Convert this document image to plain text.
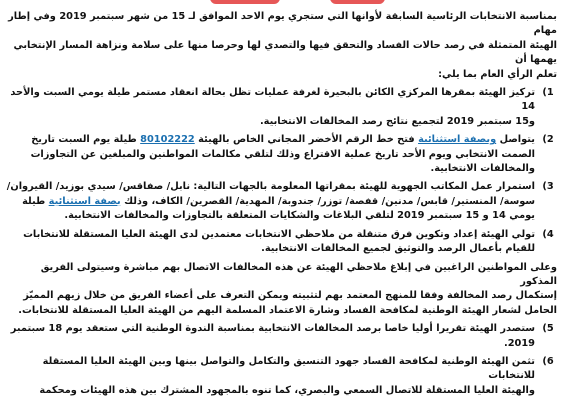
بمناسبة الانتخابات الرئاسية السابقة لأوانها التي ستجري يوم الاحد الموافق لـ 15 من شهر سبتمبر 2019 وفي إطار مهام

الهيئة المتمثلة في رصد حالات الفساد والتحقق فيها والتصدي لها وحرصا منها على سلامة ونزاهة المسار الإنتخابي يهمها أن

تعلم الرأي العام بما يلي:

1)

تركيز الهيئة بمقرها المركزي الكائن بالبحيرة لغرفة عمليات تظل بحالة انعقاد مستمر طيلة يومي السبت والأحد 14

و15 سبتمبر 2019 لتجميع نتائج رصد المخالفات الانتخابية.

2)

يتواصل وبصفة استثنائية فتح خط الرقم الأخضر المجاني الخاص بالهيئة 80102222 طيلة يوم السبت تاريخ

الصمت الانتخابي ويوم الأحد تاريخ عملية الاقتراع وذلك لتلقي مكالمات المواطنين والمبلغين عن التجاوزات

والمخالفات الانتخابية.

3)

استمرار عمل المكاتب الجهوية للهيئة بمقراتها المعلومة بالجهات التالية: نابل/ صفاقس/ سيدي بوزيد/ القيروان/

سوسة/ المنستير/ قابس/ مدنين/ قفصة/ توزر/ جندوبة/ المهدية/ القصرين/ الكاف، وذلك بصفة استثنائية طيلة

يومي 14 و 15 سبتمبر 2019 لتلقي البلاغات والشكايات المتعلقة بالتجاوزات والمخالفات الانتخابية.

4)

تولي الهيئة إعداد وتكوين فرق متنقلة من ملاحظي الانتخابات معتمدين لدى الهيئة العليا المستقلة للانتخابات

للقيام بأعمال الرصد والتوثيق لجميع المخالفات الانتخابية.

وعلى المواطنين الراغبين في إبلاغ ملاحظي الهيئة عن هذه المخالفات الاتصال بهم مباشرة وسيتولى الفريق المذكور

إستكمال رصد المخالفة وفقا للمنهج المعتمد بهم لتثبيته ويمكن التعرف على أعضاء الفريق من خلال زيهم المميّز

الحامل لشعار الهيئة الوطنية لمكافحة الفساد وشارة الاعتماد المسلمة اليهم من الهيئة العليا المستقلة للانتخابات.

5)

ستصدر الهيئة تقريرا أوليا خاصا برصد المخالفات الانتخابية بمناسبة الندوة الوطنية التي ستعقد يوم 18 سبتمبر

2019.

6)

تثمن الهيئة الوطنية لمكافحة الفساد جهود التنسيق والتكامل والتواصل بينها وبين الهيئة العليا المستقلة للانتخابات

والهيئة العليا المستقلة للاتصال السمعي والبصري، كما تنوه بالمجهود المشترك بين هذه الهيئات ومحكمة
